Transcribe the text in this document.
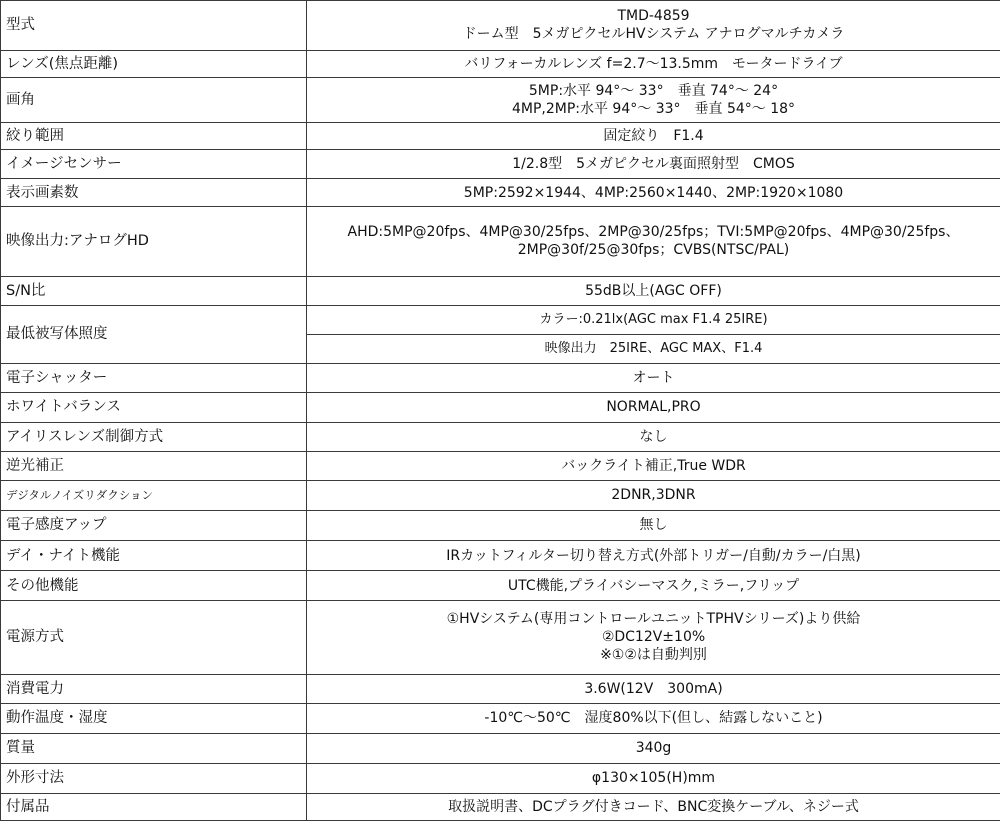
型式	TMD-4859
ドーム型　5メガピクセルHVシステム アナログマルチカメラ

レンズ(焦点距離)	バリフォーカルレンズ f=2.7～13.5mm　モータードライブ

画角	5MP:水平 94°～ 33°　垂直 74°～ 24°
4MP,2MP:水平 94°～ 33°　垂直 54°～ 18°

絞り範囲	固定絞り　F1.4

イメージセンサー	1/2.8型　5メガピクセル裏面照射型　CMOS

表示画素数	5MP:2592×1944、4MP:2560×1440、2MP:1920×1080

映像出力:アナログHD	AHD:5MP@20fps、4MP@30/25fps、2MP@30/25fps；TVI:5MP@20fps、4MP@30/25fps、
2MP@30f/25@30fps；CVBS(NTSC/PAL)

S/N比	55dB以上(AGC OFF)

最低被写体照度	カラー:0.21lx(AGC max F1.4 25IRE)

	映像出力　25IRE、AGC MAX、F1.4

電子シャッター	オート

ホワイトバランス	NORMAL,PRO

アイリスレンズ制御方式	なし

逆光補正	バックライト補正,True WDR

デジタルノイズリダクション	2DNR,3DNR

電子感度アップ	無し

デイ・ナイト機能	IRカットフィルター切り替え方式(外部トリガー/自動/カラー/白黒)

その他機能	UTC機能,プライバシーマスク,ミラー,フリップ

電源方式	①HVシステム(専用コントロールユニットTPHVシリーズ)より供給
②DC12V±10%
※①②は自動判別

消費電力	3.6W(12V　300mA)

動作温度・湿度	-10℃～50℃　湿度80%以下(但し、結露しないこと)

質量	340g

外形寸法	φ130×105(H)mm

付属品	取扱説明書、DCプラグ付きコード、BNC変換ケーブル、ネジー式
